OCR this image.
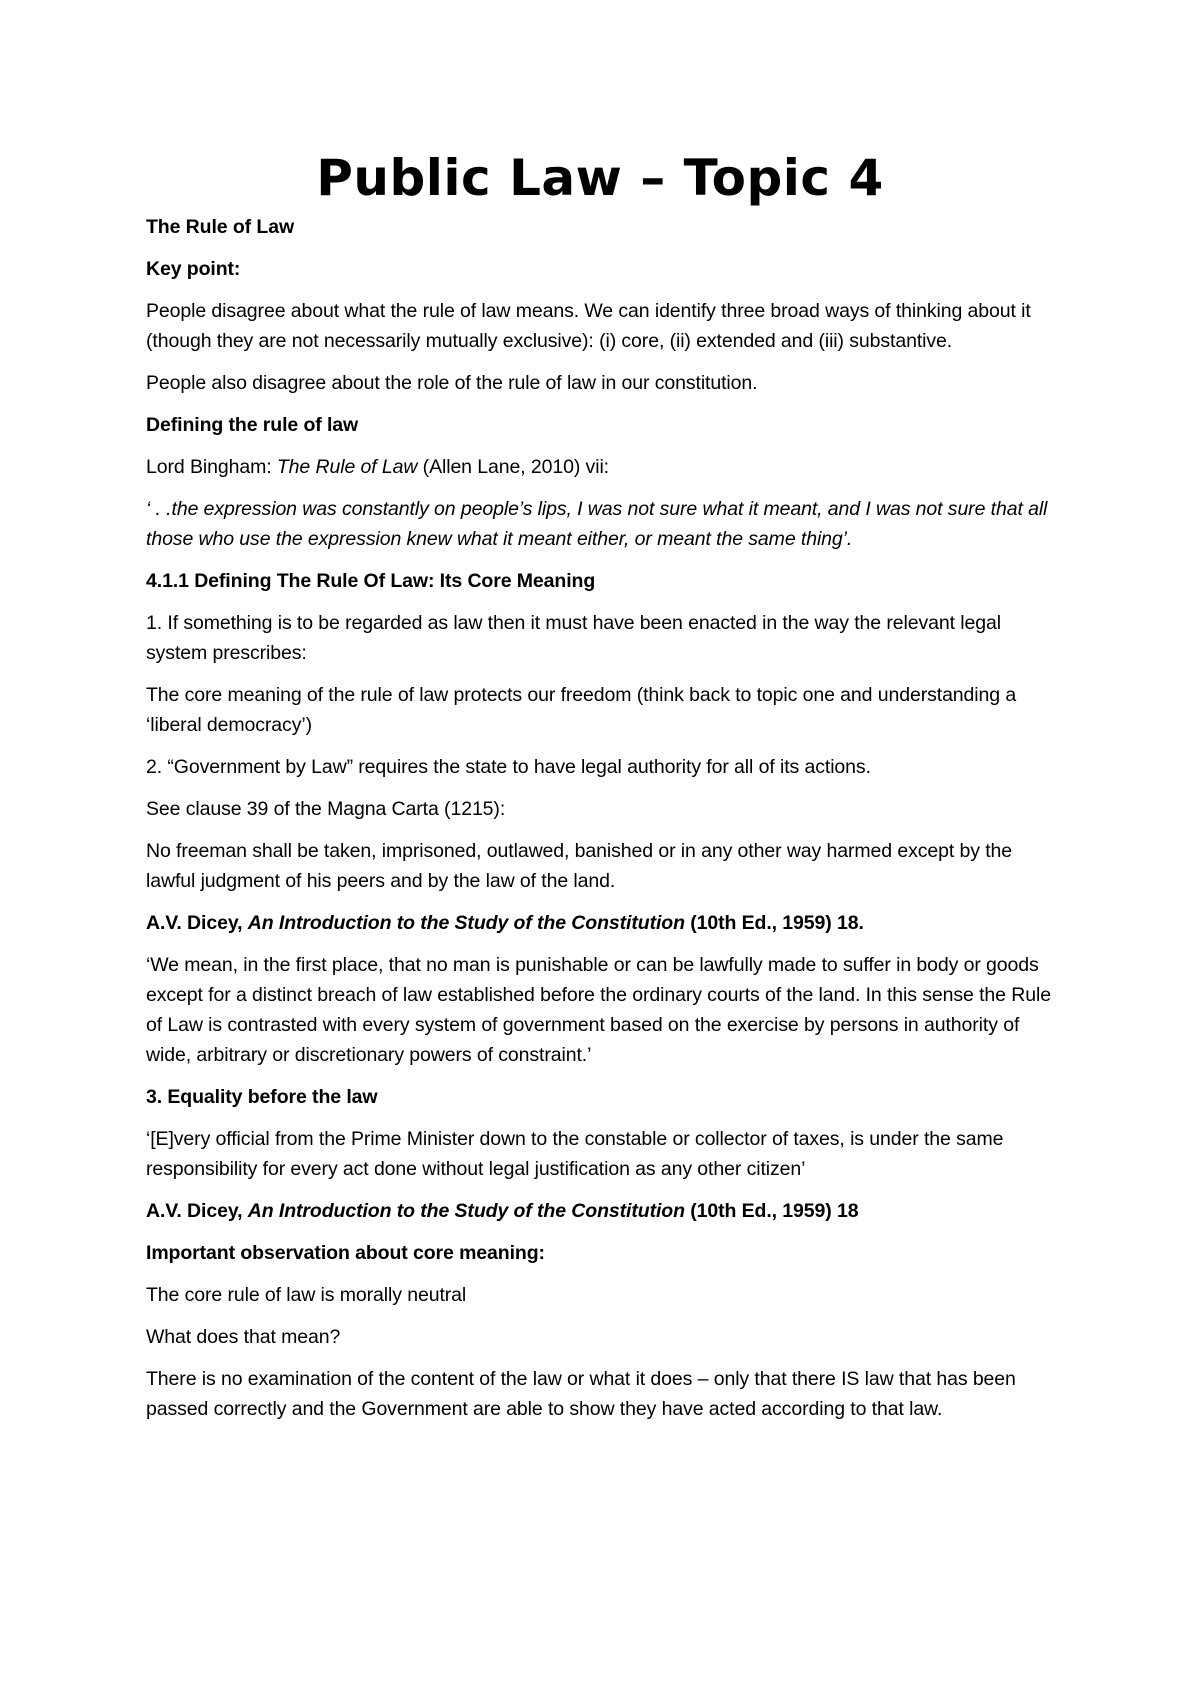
Public Law – Topic 4

The Rule of Law

Key point:

People disagree about what the rule of law means. We can identify three broad ways of thinking about it (though they are not necessarily mutually exclusive): (i) core, (ii) extended and (iii) substantive.

People also disagree about the role of the rule of law in our constitution.

Defining the rule of law

Lord Bingham: The Rule of Law (Allen Lane, 2010) vii:

‘ . .the expression was constantly on people’s lips, I was not sure what it meant, and I was not sure that all those who use the expression knew what it meant either, or meant the same thing’.

4.1.1 Defining The Rule Of Law: Its Core Meaning

1. If something is to be regarded as law then it must have been enacted in the way the relevant legal system prescribes:

The core meaning of the rule of law protects our freedom (think back to topic one and understanding a ‘liberal democracy’)

2. “Government by Law” requires the state to have legal authority for all of its actions.

See clause 39 of the Magna Carta (1215):

No freeman shall be taken, imprisoned, outlawed, banished or in any other way harmed except by the lawful judgment of his peers and by the law of the land.

A.V. Dicey, An Introduction to the Study of the Constitution (10th Ed., 1959) 18.

‘We mean, in the first place, that no man is punishable or can be lawfully made to suffer in body or goods except for a distinct breach of law established before the ordinary courts of the land. In this sense the Rule of Law is contrasted with every system of government based on the exercise by persons in authority of wide, arbitrary or discretionary powers of constraint.’

3. Equality before the law

‘[E]very official from the Prime Minister down to the constable or collector of taxes, is under the same responsibility for every act done without legal justification as any other citizen’

A.V. Dicey, An Introduction to the Study of the Constitution (10th Ed., 1959) 18

Important observation about core meaning:

The core rule of law is morally neutral

What does that mean?

There is no examination of the content of the law or what it does – only that there IS law that has been passed correctly and the Government are able to show they have acted according to that law.
